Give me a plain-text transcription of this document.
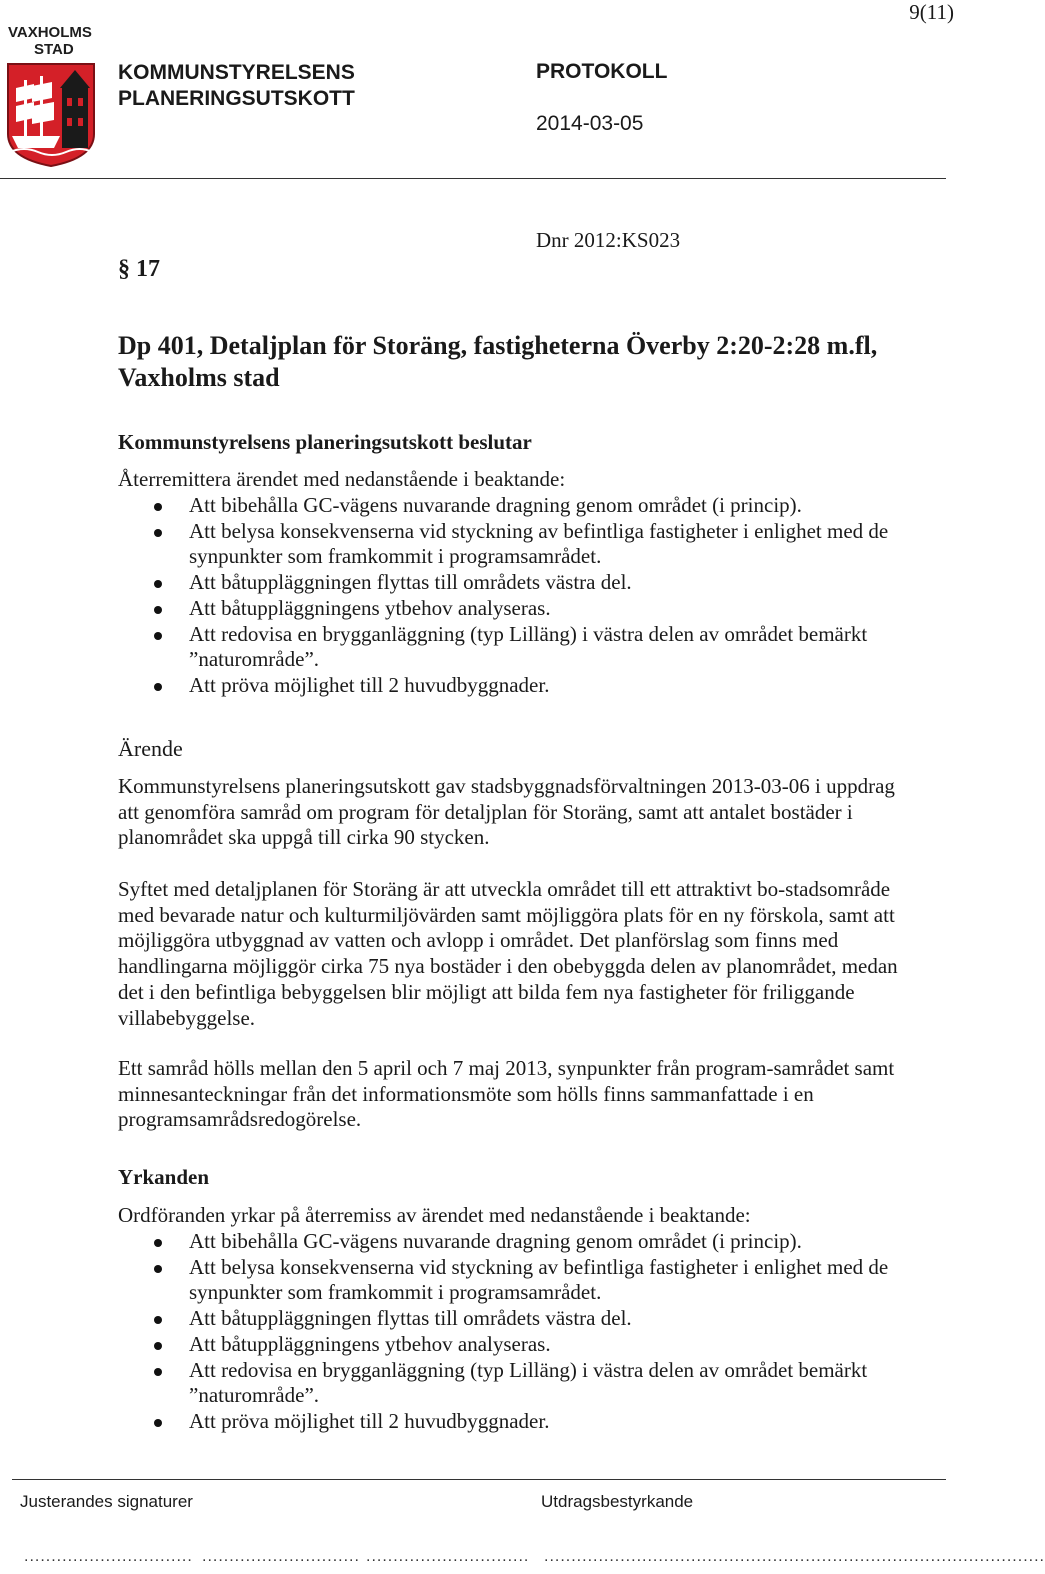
9(11)
VAXHOLMS
STAD
KOMMUNSTYRELSENS
PLANERINGSUTSKOTT
PROTOKOLL
2014-03-05
Dnr 2012:KS023
§ 17
Dp 401, Detaljplan för Storäng, fastigheterna Överby 2:20-2:28 m.fl, Vaxholms stad
Kommunstyrelsens planeringsutskott beslutar
Återremittera ärendet med nedanstående i beaktande:
Att bibehålla GC-vägens nuvarande dragning genom området (i princip).
Att belysa konsekvenserna vid styckning av befintliga fastigheter i enlighet med de synpunkter som framkommit i programsamrådet.
Att båtuppläggningen flyttas till områdets västra del.
Att båtuppläggningens ytbehov analyseras.
Att redovisa en brygganläggning (typ Lilläng) i västra delen av området bemärkt ”naturområde”.
Att pröva möjlighet till 2 huvudbyggnader.
Ärende
Kommunstyrelsens planeringsutskott gav stadsbyggnadsförvaltningen 2013-03-06 i uppdrag att genomföra samråd om program för detaljplan för Storäng, samt att antalet bostäder i planområdet ska uppgå till cirka 90 stycken.
Syftet med detaljplanen för Storäng är att utveckla området till ett attraktivt bo-stadsområde med bevarade natur och kulturmiljövärden samt möjliggöra plats för en ny förskola, samt att möjliggöra utbyggnad av vatten och avlopp i området. Det planförslag som finns med handlingarna möjliggör cirka 75 nya bostäder i den obebyggda delen av planområdet, medan det i den befintliga bebyggelsen blir möjligt att bilda fem nya fastigheter för friliggande villabebyggelse.
Ett samråd hölls mellan den 5 april och 7 maj 2013, synpunkter från program-samrådet samt minnesanteckningar från det informationsmöte som hölls finns sammanfattade i en programsamrådsredogörelse.
Yrkanden
Ordföranden yrkar på återremiss av ärendet med nedanstående i beaktande:
Att bibehålla GC-vägens nuvarande dragning genom området (i princip).
Att belysa konsekvenserna vid styckning av befintliga fastigheter i enlighet med de synpunkter som framkommit i programsamrådet.
Att båtuppläggningen flyttas till områdets västra del.
Att båtuppläggningens ytbehov analyseras.
Att redovisa en brygganläggning (typ Lilläng) i västra delen av området bemärkt ”naturområde”.
Att pröva möjlighet till 2 huvudbyggnader.
Justerandes signaturer	Utdragsbestyrkande
............................... ............................. .............................. ............................................................................................
